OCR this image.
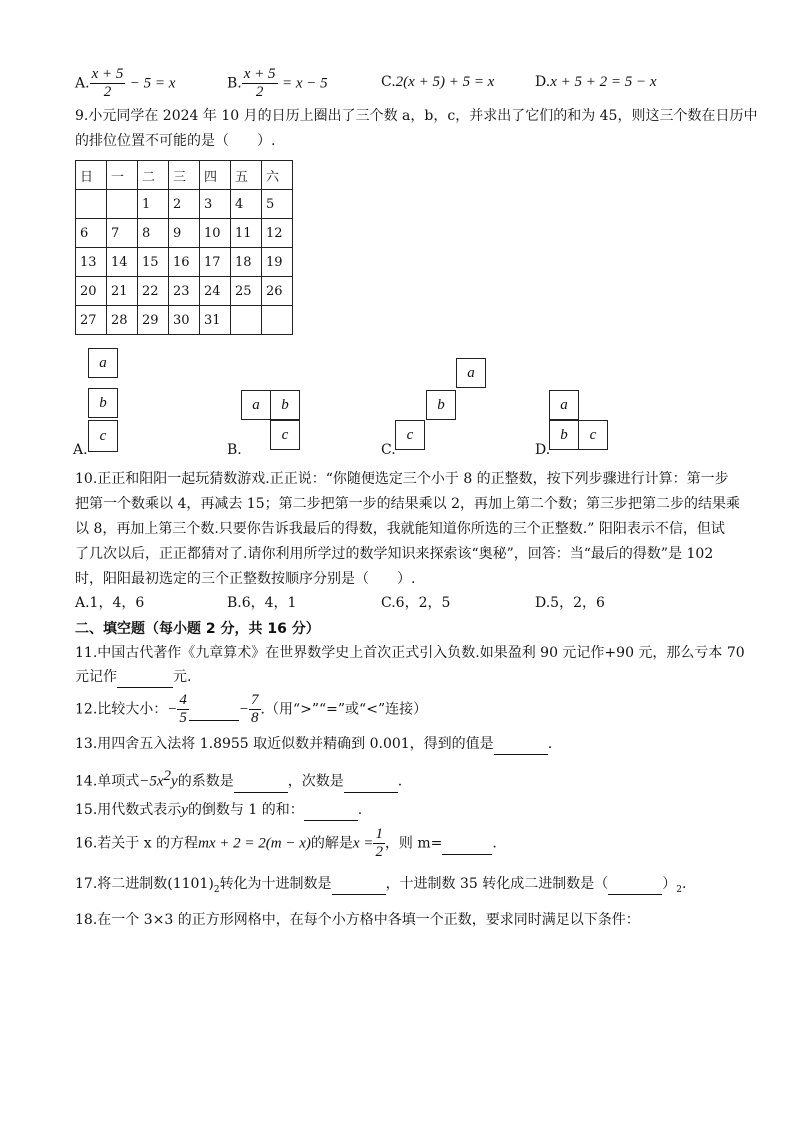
A. $\frac{x + 5}{2} - 5 = x$	B. $\frac{x + 5}{2} = x - 5$	C.2(x + 5) + 5 = x	D.x + 5 + 2 = 5 − x
9.小元同学在 2024 年 10 月的日历上圈出了三个数 a，b，c，并求出了它们的和为 45，则这三个数在日历中
的排位位置不可能的是（　　）.
日	一	二	三	四	五	六
		1	2	3	4	5
6	7	8	9	10	11	12
13	14	15	16	17	18	19
20	21	22	23	24	25	26
27	28	29	30	31		
a
b
c
A.
a	b
c
B.
a
b
c
C.
a
b	c
D.
10.正正和阳阳一起玩猜数游戏.正正说：“你随便选定三个小于 8 的正整数，按下列步骤进行计算：第一步
把第一个数乘以 4，再减去 15；第二步把第一步的结果乘以 2，再加上第二个数；第三步把第二步的结果乘
以 8，再加上第三个数.只要你告诉我最后的得数，我就能知道你所选的三个正整数.” 阳阳表示不信，但试
了几次以后，正正都猜对了.请你利用所学过的数学知识来探索该“奥秘”，回答：当“最后的得数”是 102
时，阳阳最初选定的三个正整数按顺序分别是（　　）.
A.1，4，6	B.6，4，1	C.6，2，5	D.5，2，6
二、填空题（每小题 2 分，共 16 分）
11.中国古代著作《九章算术》在世界数学史上首次正式引入负数.如果盈利 90 元记作+90 元，那么亏本 70
元记作	元.
12.比较大小：− $\frac{4}{5}$	− $\frac{7}{8}$ .（用“>”“=”或“<”连接）
13.用四舍五入法将 1.8955 取近似数并精确到 0.001，得到的值是	.
14.单项式$-5x^2y$的系数是	，次数是	.
15.用代数式表示y的倒数与 1 的和：	.
16.若关于 x 的方程mx + 2 = 2(m − x)的解是$x = \frac{1}{2}$ ，则 m=	.
17.将二进制数$(1101)_2$转化为十进制数是	，十进制数 35 转化成二进制数是（	）$_2$.
18.在一个 3×3 的正方形网格中，在每个小方格中各填一个正数，要求同时满足以下条件：
